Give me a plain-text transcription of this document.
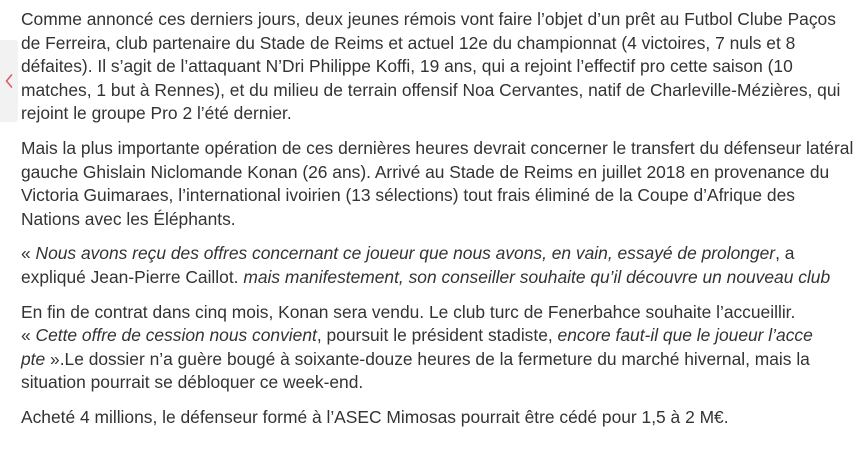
Comme annoncé ces derniers jours, deux jeunes rémois vont faire l’objet d’un prêt au Futbol Clube Paços
de Ferreira, club partenaire du Stade de Reims et actuel 12e du championnat (4 victoires, 7 nuls et 8
défaites). Il s’agit de l’attaquant N’Dri Philippe Koffi, 19 ans, qui a rejoint l’effectif pro cette saison (10
matches, 1 but à Rennes), et du milieu de terrain offensif Noa Cervantes, natif de Charleville-Mézières, qui
rejoint le groupe Pro 2 l’été dernier.

Mais la plus importante opération de ces dernières heures devrait concerner le transfert du défenseur latéral
gauche Ghislain Niclomande Konan (26 ans). Arrivé au Stade de Reims en juillet 2018 en provenance du
Victoria Guimaraes, l’international ivoirien (13 sélections) tout frais éliminé de la Coupe d’Afrique des
Nations avec les Éléphants.

« Nous avons reçu des offres concernant ce joueur que nous avons, en vain, essayé de prolonger, a
expliqué Jean-Pierre Caillot. mais manifestement, son conseiller souhaite qu’il découvre un nouveau club

En fin de contrat dans cinq mois, Konan sera vendu. Le club turc de Fenerbahce souhaite l’accueillir.
« Cette offre de cession nous convient, poursuit le président stadiste, encore faut-il que le joueur l’acce
pte ».Le dossier n’a guère bougé à soixante-douze heures de la fermeture du marché hivernal, mais la
situation pourrait se débloquer ce week-end.

Acheté 4 millions, le défenseur formé à l’ASEC Mimosas pourrait être cédé pour 1,5 à 2 M€.
